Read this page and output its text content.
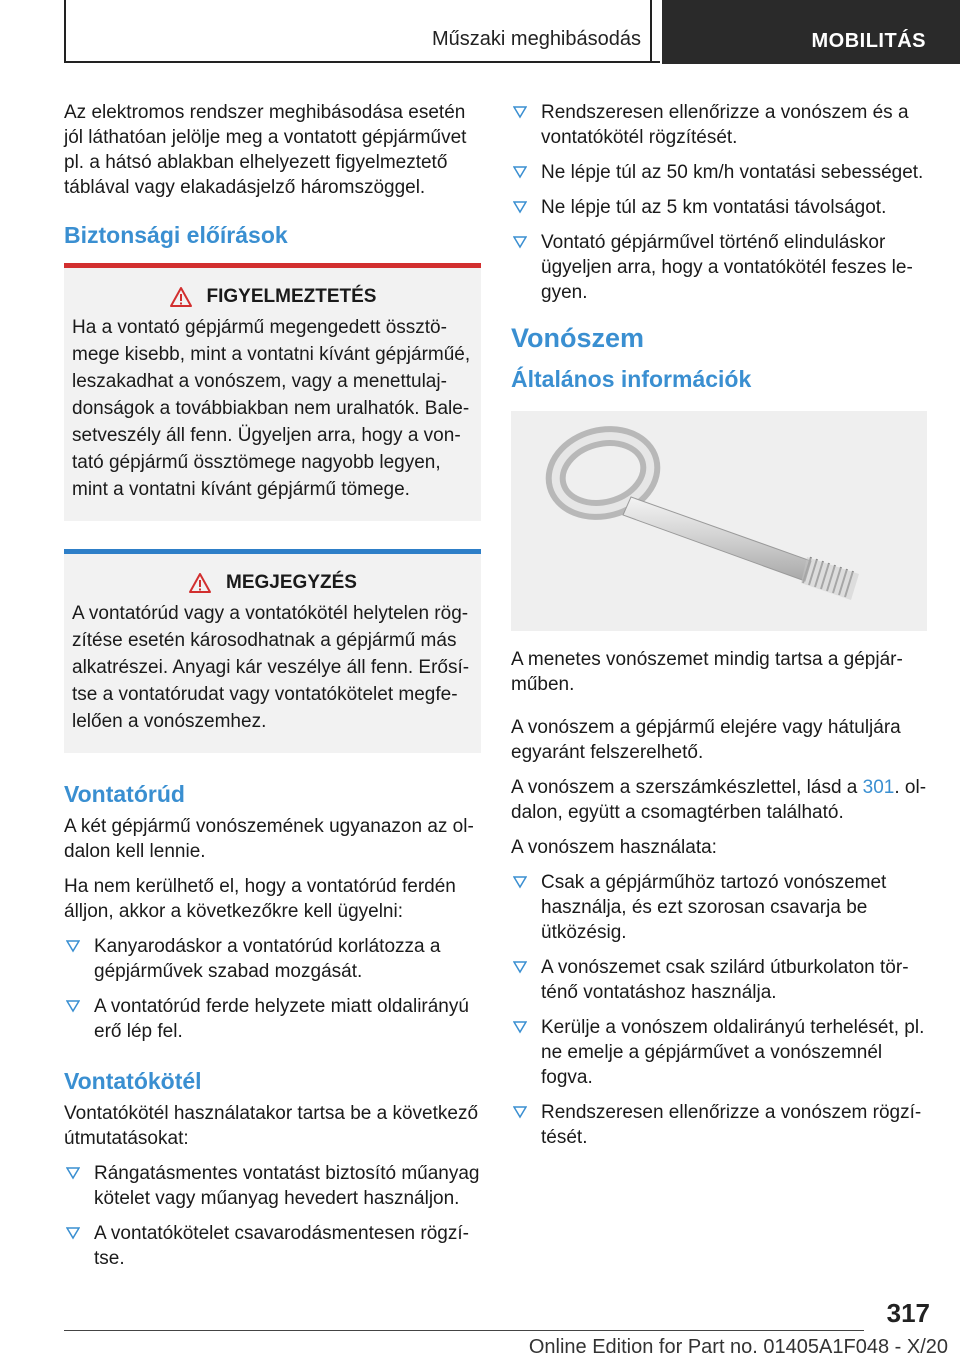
Műszaki meghibásodás	MOBILITÁS

Az elektromos rendszer meghibásodása esetén jól láthatóan jelölje meg a vontatott gépjárművet pl. a hátsó ablakban elhelyezett figyelmeztető táblával vagy elakadásjelző háromszöggel.

Biztonsági előírások
FIGYELMEZTETÉS

Ha a vontató gépjármű megengedett össztömege kisebb, mint a vontatni kívánt gépjárműé, leszakadhat a vonószem, vagy a menettulajdonságok a továbbiakban nem uralhatók. Balesetveszély áll fenn. Ügyeljen arra, hogy a vontató gépjármű össztömege nagyobb legyen, mint a vontatni kívánt gépjármű tömege.

MEGJEGYZÉS

A vontatórúd vagy a vontatókötél helytelen rögzítése esetén károsodhatnak a gépjármű más alkatrészei. Anyagi kár veszélye áll fenn. Erősítse a vontatórudat vagy vontatókötelet megfelelően a vonószemhez.

Vontatórúd

A két gépjármű vonószemének ugyanazon az oldalon kell lennie.

Ha nem kerülhető el, hogy a vontatórúd ferdén álljon, akkor a következőkre kell ügyelni:

Kanyarodáskor a vontatórúd korlátozza a gépjárművek szabad mozgását.
A vontatórúd ferde helyzete miatt oldalirányú erő lép fel.
Vontatókötél

Vontatókötél használatakor tartsa be a következő útmutatásokat:

Rángatásmentes vontatást biztosító műanyag kötelet vagy műanyag hevedert használjon.
A vontatókötelet csavarodásmentesen rögzítse.
Rendszeresen ellenőrizze a vonószem és a vontatókötél rögzítését.
Ne lépje túl az 50 km/h vontatási sebességet.
Ne lépje túl az 5 km vontatási távolságot.
Vontató gépjárművel történő elinduláskor ügyeljen arra, hogy a vontatókötél feszes legyen.
Vonószem
Általános információk

A menetes vonószemet mindig tartsa a gépjárműben.

A vonószem a gépjármű elejére vagy hátuljára egyaránt felszerelhető.

A vonószem a szerszámkészlettel, lásd a 301. oldalon, együtt a csomagtérben található.

A vonószem használata:

Csak a gépjárműhöz tartozó vonószemet használja, és ezt szorosan csavarja be ütközésig.
A vonószemet csak szilárd útburkolaton történő vontatáshoz használja.
Kerülje a vonószem oldalirányú terhelését, pl. ne emelje a gépjárművet a vonószemnél fogva.
Rendszeresen ellenőrizze a vonószem rögzítését.
317
Online Edition for Part no. 01405A1F048 - X/20
